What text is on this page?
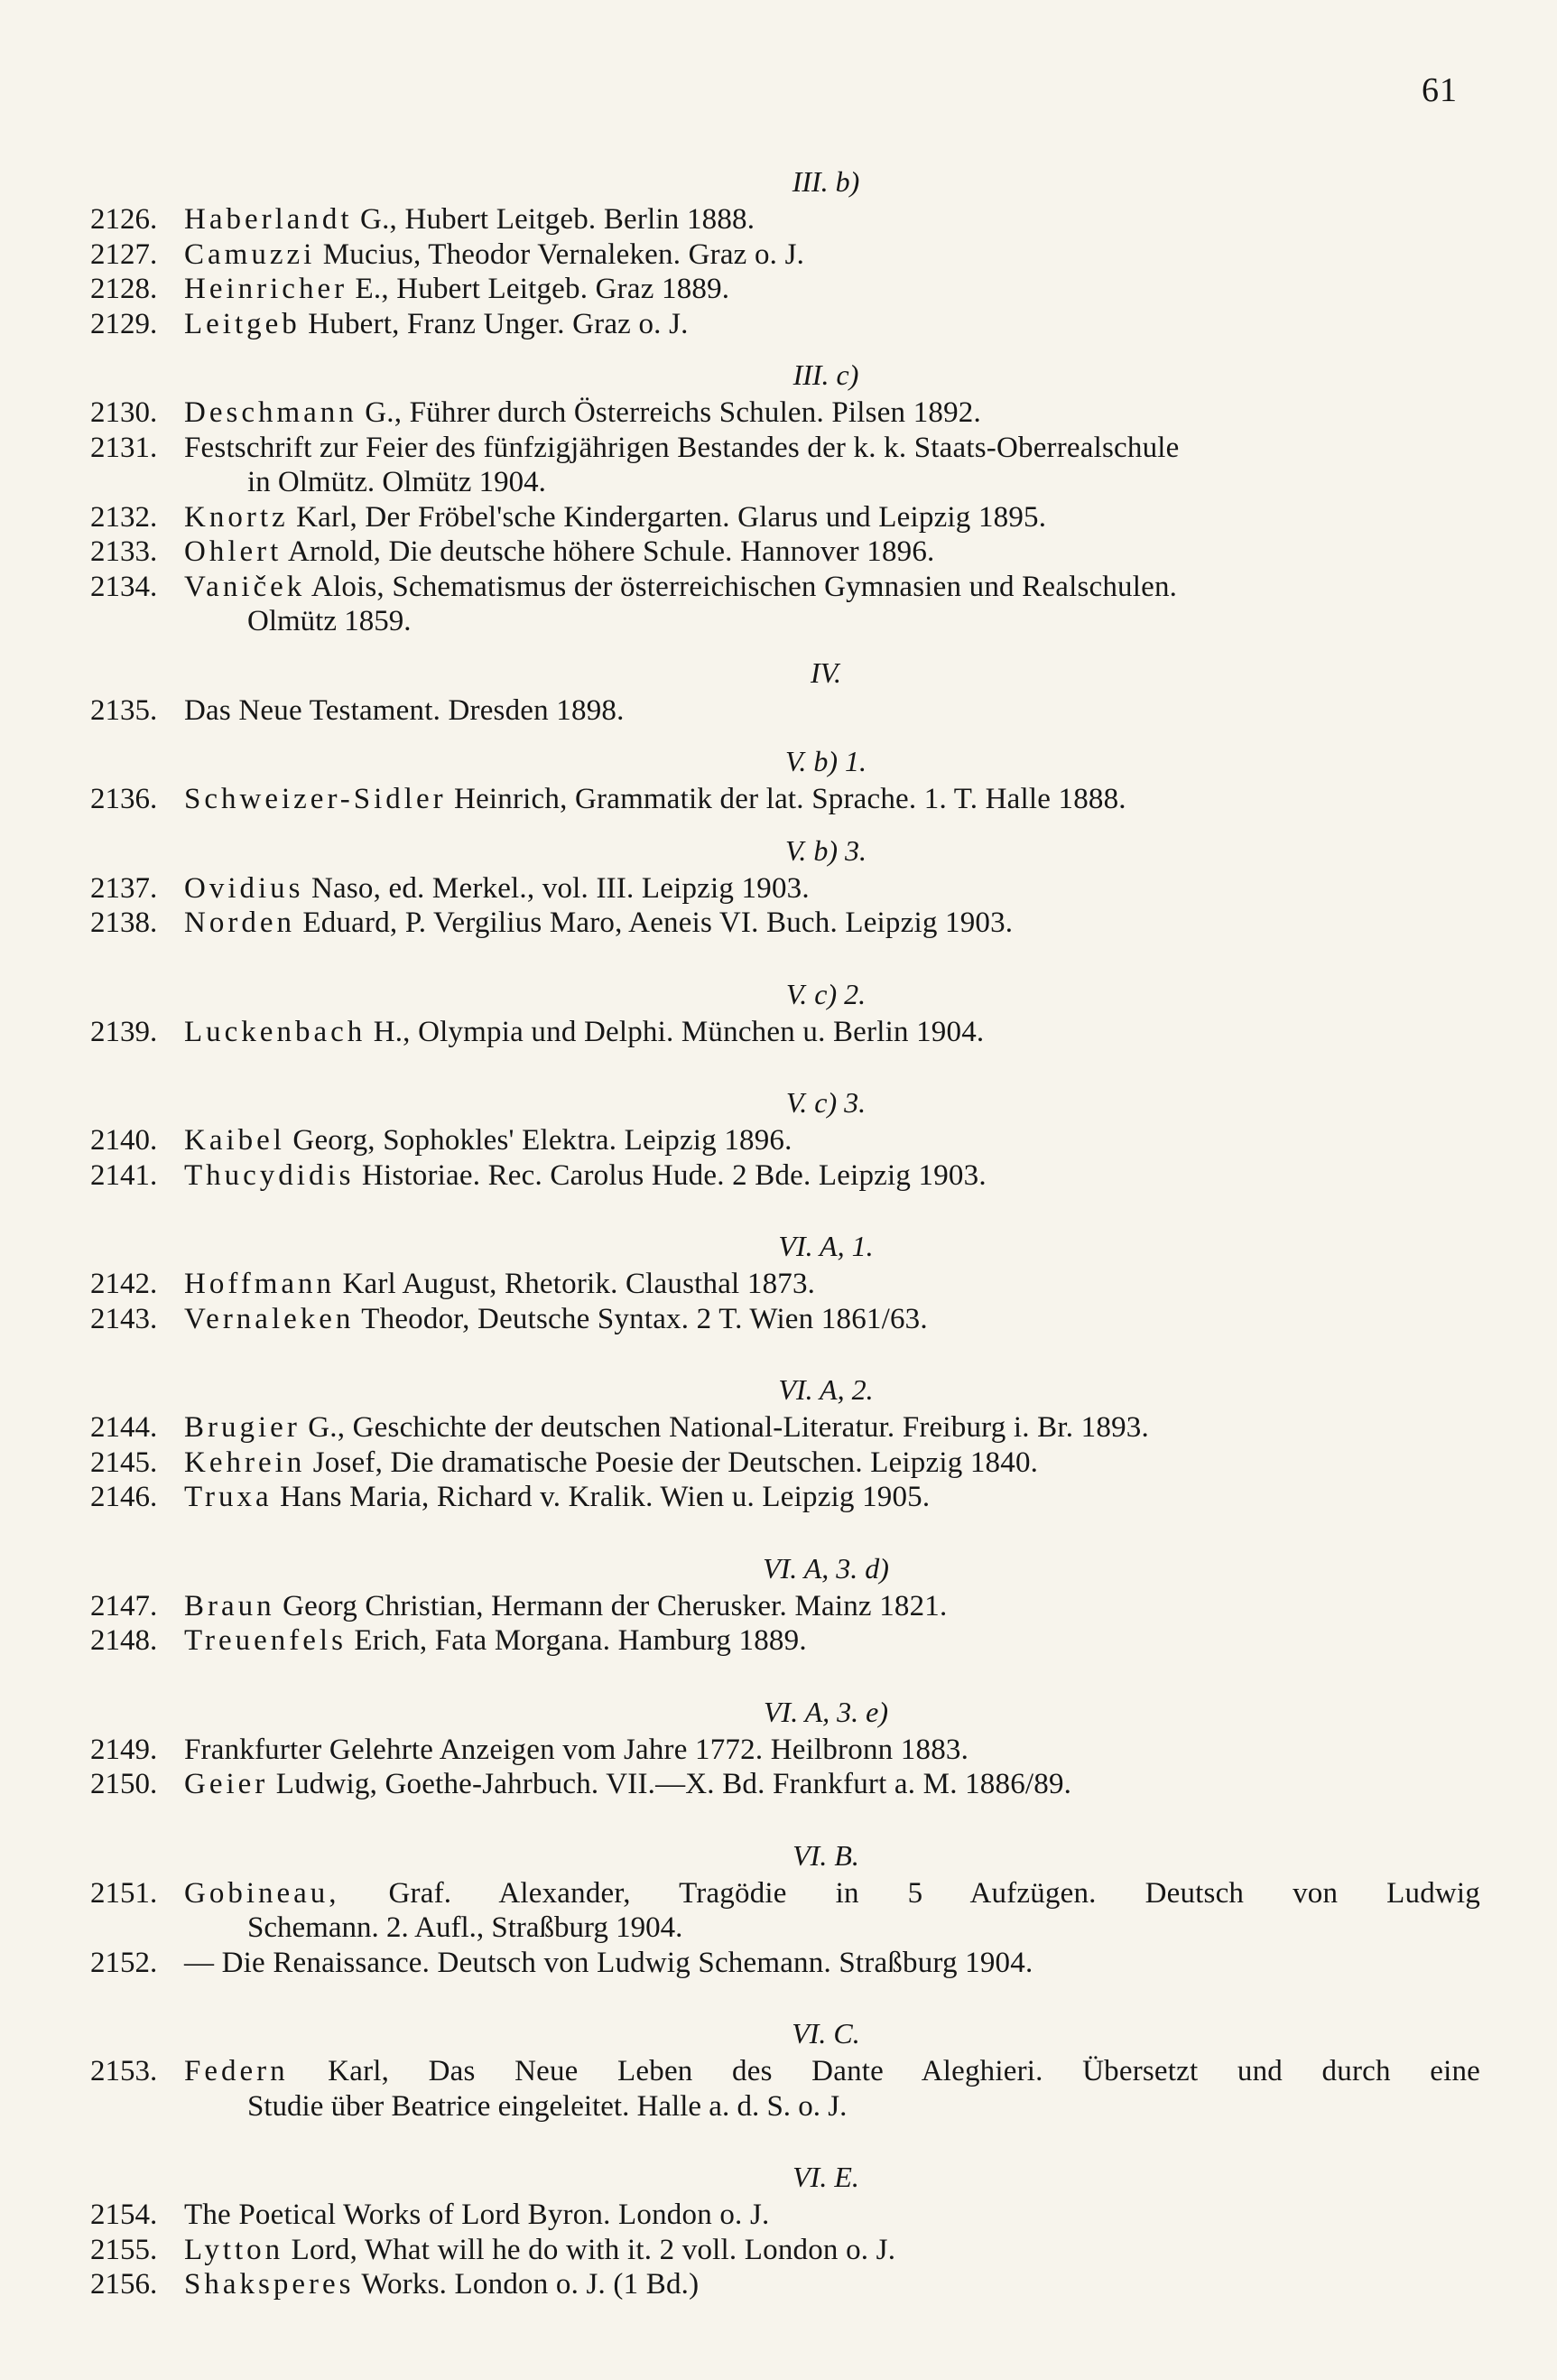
61
III. b)
2126. Haberlandt G., Hubert Leitgeb. Berlin 1888.
2127. Camuzzi Mucius, Theodor Vernaleken. Graz o. J.
2128. Heinricher E., Hubert Leitgeb. Graz 1889.
2129. Leitgeb Hubert, Franz Unger. Graz o. J.
III. c)
2130. Deschmann G., Führer durch Österreichs Schulen. Pilsen 1892.
2131. Festschrift zur Feier des fünfzigjährigen Bestandes der k. k. Staats-Oberrealschule
in Olmütz. Olmütz 1904.
2132. Knortz Karl, Der Fröbel'sche Kindergarten. Glarus und Leipzig 1895.
2133. Ohlert Arnold, Die deutsche höhere Schule. Hannover 1896.
2134. Vaniček Alois, Schematismus der österreichischen Gymnasien und Realschulen.
Olmütz 1859.
IV.
2135. Das Neue Testament. Dresden 1898.
V. b) 1.
2136. Schweizer-Sidler Heinrich, Grammatik der lat. Sprache. 1. T. Halle 1888.
V. b) 3.
2137. Ovidius Naso, ed. Merkel., vol. III. Leipzig 1903.
2138. Norden Eduard, P. Vergilius Maro, Aeneis VI. Buch. Leipzig 1903.
V. c) 2.
2139. Luckenbach H., Olympia und Delphi. München u. Berlin 1904.
V. c) 3.
2140. Kaibel Georg, Sophokles' Elektra. Leipzig 1896.
2141. Thucydidis Historiae. Rec. Carolus Hude. 2 Bde. Leipzig 1903.
VI. A, 1.
2142. Hoffmann Karl August, Rhetorik. Clausthal 1873.
2143. Vernaleken Theodor, Deutsche Syntax. 2 T. Wien 1861/63.
VI. A, 2.
2144. Brugier G., Geschichte der deutschen National-Literatur. Freiburg i. Br. 1893.
2145. Kehrein Josef, Die dramatische Poesie der Deutschen. Leipzig 1840.
2146. Truxa Hans Maria, Richard v. Kralik. Wien u. Leipzig 1905.
VI. A, 3. d)
2147. Braun Georg Christian, Hermann der Cherusker. Mainz 1821.
2148. Treuenfels Erich, Fata Morgana. Hamburg 1889.
VI. A, 3. e)
2149. Frankfurter Gelehrte Anzeigen vom Jahre 1772. Heilbronn 1883.
2150. Geier Ludwig, Goethe-Jahrbuch. VII.—X. Bd. Frankfurt a. M. 1886/89.
VI. B.
2151. Gobineau, Graf. Alexander, Tragödie in 5 Aufzügen. Deutsch von Ludwig
Schemann. 2. Aufl., Straßburg 1904.
2152. — Die Renaissance. Deutsch von Ludwig Schemann. Straßburg 1904.
VI. C.
2153. Federn Karl, Das Neue Leben des Dante Aleghieri. Übersetzt und durch eine
Studie über Beatrice eingeleitet. Halle a. d. S. o. J.
VI. E.
2154. The Poetical Works of Lord Byron. London o. J.
2155. Lytton Lord, What will he do with it. 2 voll. London o. J.
2156. Shaksperes Works. London o. J. (1 Bd.)
